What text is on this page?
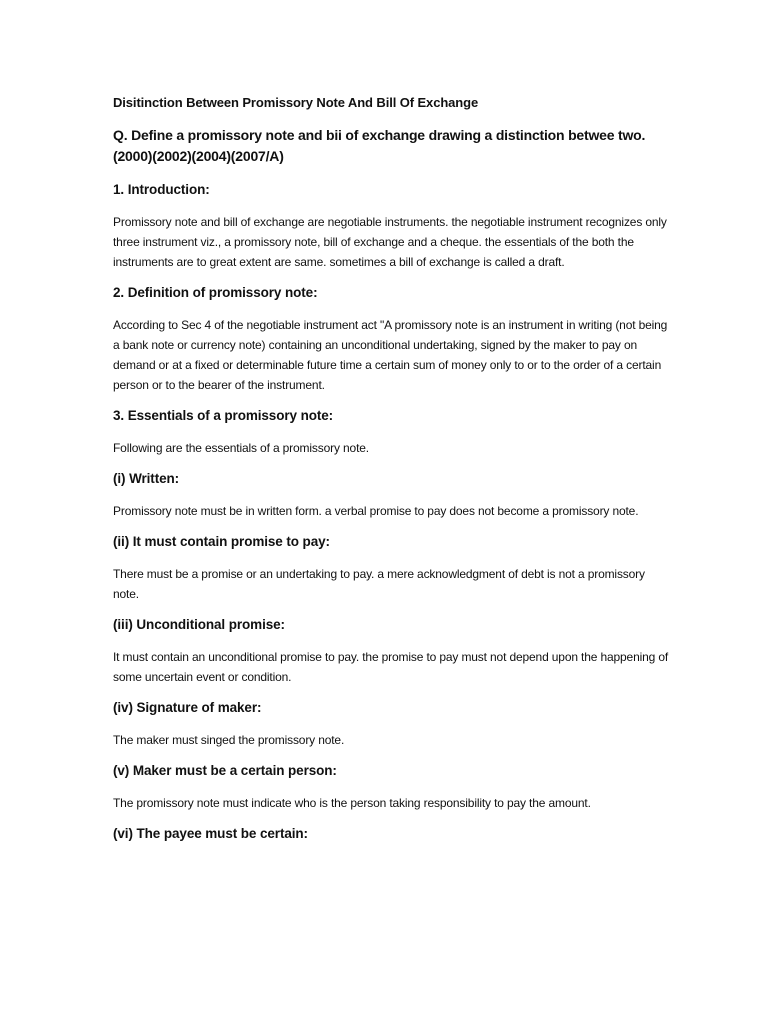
Disitinction Between Promissory Note And Bill Of Exchange
Q. Define a promissory note and bii of exchange drawing a distinction betwee two. (2000)(2002)(2004)(2007/A)
1. Introduction:
Promissory note and bill of exchange are negotiable instruments. the negotiable instrument recognizes only three instrument viz., a promissory note, bill of exchange and a cheque. the essentials of the both the instruments are to great extent are same. sometimes a bill of exchange is called a draft.
2. Definition of promissory note:
According to Sec 4 of the negotiable instrument act "A promissory note is an instrument in writing (not being a bank note or currency note) containing an unconditional undertaking, signed by the maker to pay on demand or at a fixed or determinable future time a certain sum of money only to or to the order of a certain person or to the bearer of the instrument.
3. Essentials of a promissory note:
Following are the essentials of a promissory note.
(i) Written:
Promissory note must be in written form. a verbal promise to pay does not become a promissory note.
(ii) It must contain promise to pay:
There must be a promise or an undertaking to pay. a mere acknowledgment of debt is not a promissory note.
(iii) Unconditional promise:
It must contain an unconditional promise to pay. the promise to pay must not depend upon the happening of some uncertain event or condition.
(iv) Signature of maker:
The maker must singed the promissory note.
(v) Maker must be a certain person:
The promissory note must indicate who is the person taking responsibility to pay the amount.
(vi) The payee must be certain:
